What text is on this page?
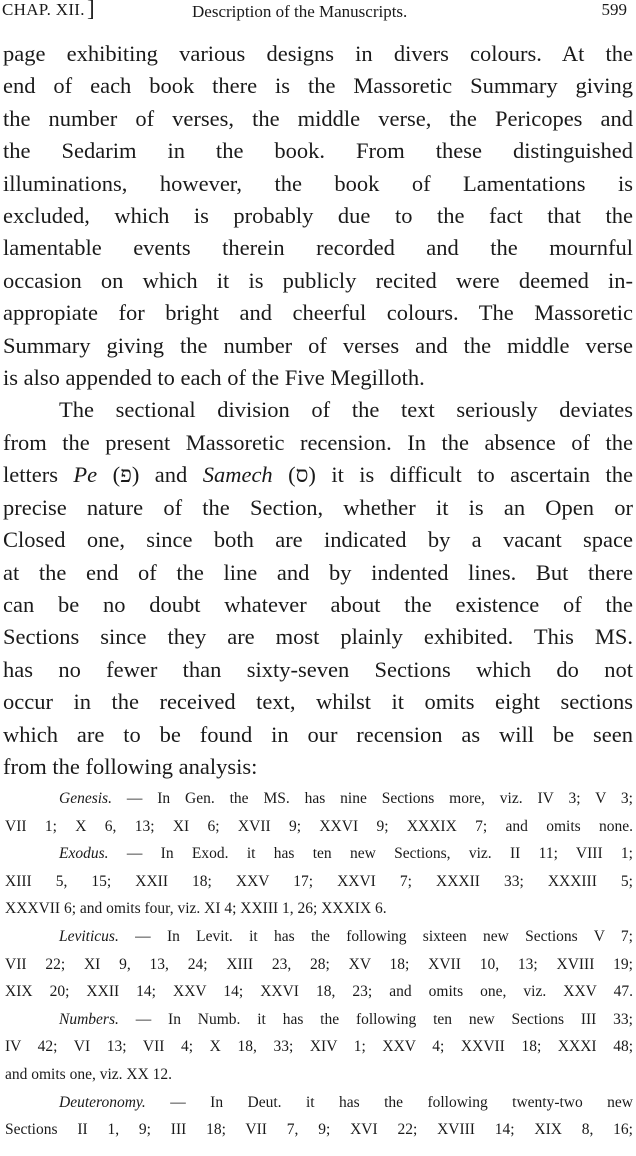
CHAP. XII. ]	Description of the Manuscripts.	599
page exhibiting various designs in divers colours. At the
end of each book there is the Massoretic Summary giving
the number of verses, the middle verse, the Pericopes and
the Sedarim in the book. From these distinguished
illuminations, however, the book of Lamentations is
excluded, which is probably due to the fact that the
lamentable events therein recorded and the mournful
occasion on which it is publicly recited were deemed in-
appropiate for bright and cheerful colours. The Massoretic
Summary giving the number of verses and the middle verse
is also appended to each of the Five Megilloth.
The sectional division of the text seriously deviates
from the present Massoretic recension. In the absence of the
letters Pe (פ) and Samech (ס) it is difficult to ascertain the
precise nature of the Section, whether it is an Open or
Closed one, since both are indicated by a vacant space
at the end of the line and by indented lines. But there
can be no doubt whatever about the existence of the
Sections since they are most plainly exhibited. This MS.
has no fewer than sixty-seven Sections which do not
occur in the received text, whilst it omits eight sections
which are to be found in our recension as will be seen
from the following analysis:
Genesis. — In Gen. the MS. has nine Sections more, viz. IV 3; V 3;
VII 1; X 6, 13; XI 6; XVII 9; XXVI 9; XXXIX 7; and omits none.
Exodus. — In Exod. it has ten new Sections, viz. II 11; VIII 1;
XIII 5, 15; XXII 18; XXV 17; XXVI 7; XXXII 33; XXXIII 5;
XXXVII 6; and omits four, viz. XI 4; XXIII 1, 26; XXXIX 6.
Leviticus. — In Levit. it has the following sixteen new Sections V 7;
VII 22; XI 9, 13, 24; XIII 23, 28; XV 18; XVII 10, 13; XVIII 19;
XIX 20; XXII 14; XXV 14; XXVI 18, 23; and omits one, viz. XXV 47.
Numbers. — In Numb. it has the following ten new Sections III 33;
IV 42; VI 13; VII 4; X 18, 33; XIV 1; XXV 4; XXVII 18; XXXI 48;
and omits one, viz. XX 12.
Deuteronomy. — In Deut. it has the following twenty-two new
Sections II 1, 9; III 18; VII 7, 9; XVI 22; XVIII 14; XIX 8, 16;
